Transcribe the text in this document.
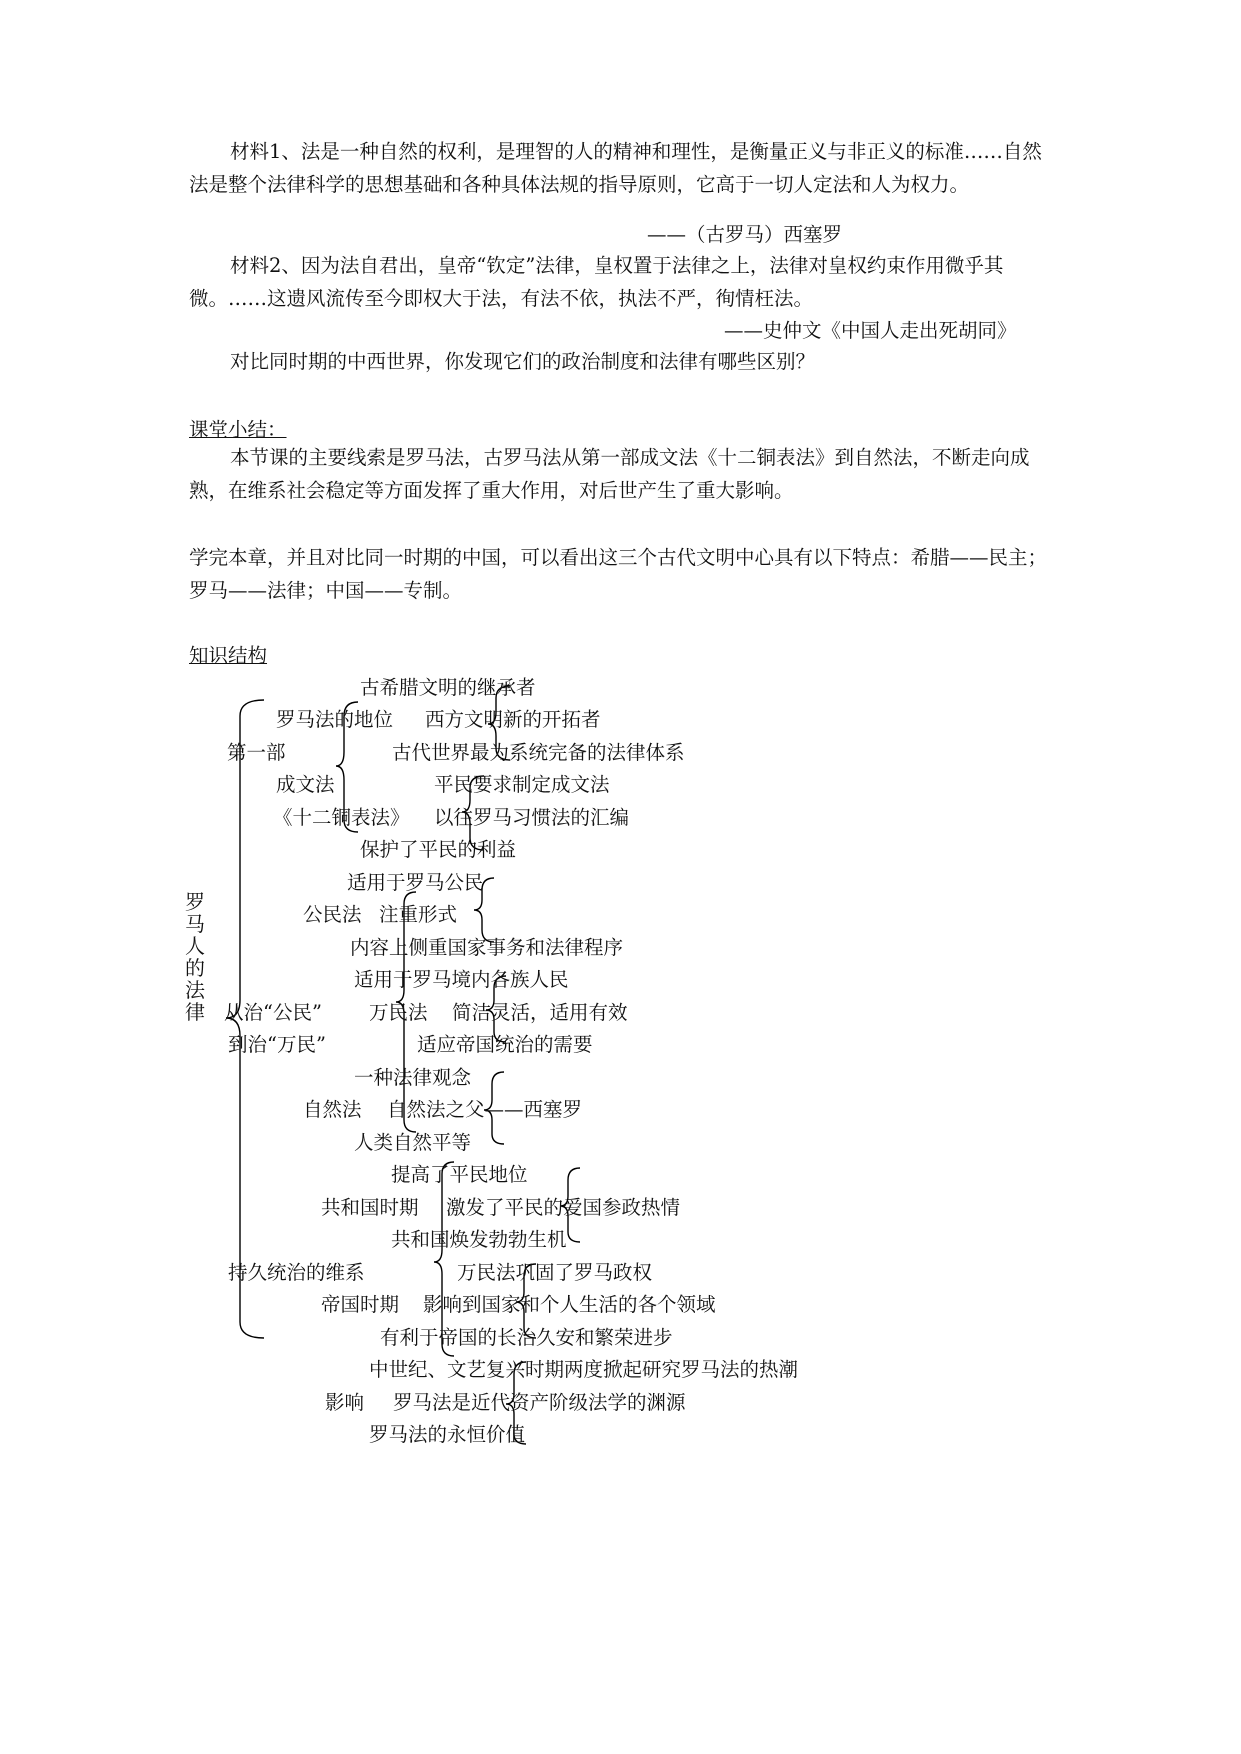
材料1、法是一种自然的权利，是理智的人的精神和理性，是衡量正义与非正义的标准……自然法是整个法律科学的思想基础和各种具体法规的指导原则，它高于一切人定法和人为权力。

——（古罗马）西塞罗

材料2、因为法自君出，皇帝“钦定”法律，皇权置于法律之上，法律对皇权约束作用微乎其微。……这遗风流传至今即权大于法，有法不依，执法不严，徇情枉法。

——史仲文《中国人走出死胡同》
对比同时期的中西世界，你发现它们的政治制度和法律有哪些区别？
课堂小结：

本节课的主要线索是罗马法，古罗马法从第一部成文法《十二铜表法》到自然法，不断走向成熟，在维系社会稳定等方面发挥了重大作用，对后世产生了重大影响。

学完本章，并且对比同一时期的中国，可以看出这三个古代文明中心具有以下特点：希腊——民主；罗马——法律；中国——专制。

知识结构
罗马人的法律
古希腊文明的继承者
罗马法的地位 西方文明新的开拓者
第一部	古代世界最为系统完备的法律体系
成文法	平民要求制定成文法
《十二铜表法》 以往罗马习惯法的汇编
保护了平民的利益
适用于罗马公民
公民法 注重形式
内容上侧重国家事务和法律程序
适用于罗马境内各族人民
从治“公民” 万民法 简洁灵活，适用有效
到治“万民”	适应帝国统治的需要
一种法律观念
自然法 自然法之父——西塞罗
人类自然平等
提高了平民地位
共和国时期 激发了平民的爱国参政热情
共和国焕发勃勃生机
持久统治的维系	万民法巩固了罗马政权
帝国时期 影响到国家和个人生活的各个领域
有利于帝国的长治久安和繁荣进步
中世纪、文艺复兴时期两度掀起研究罗马法的热潮
影响 罗马法是近代资产阶级法学的渊源
罗马法的永恒价值
